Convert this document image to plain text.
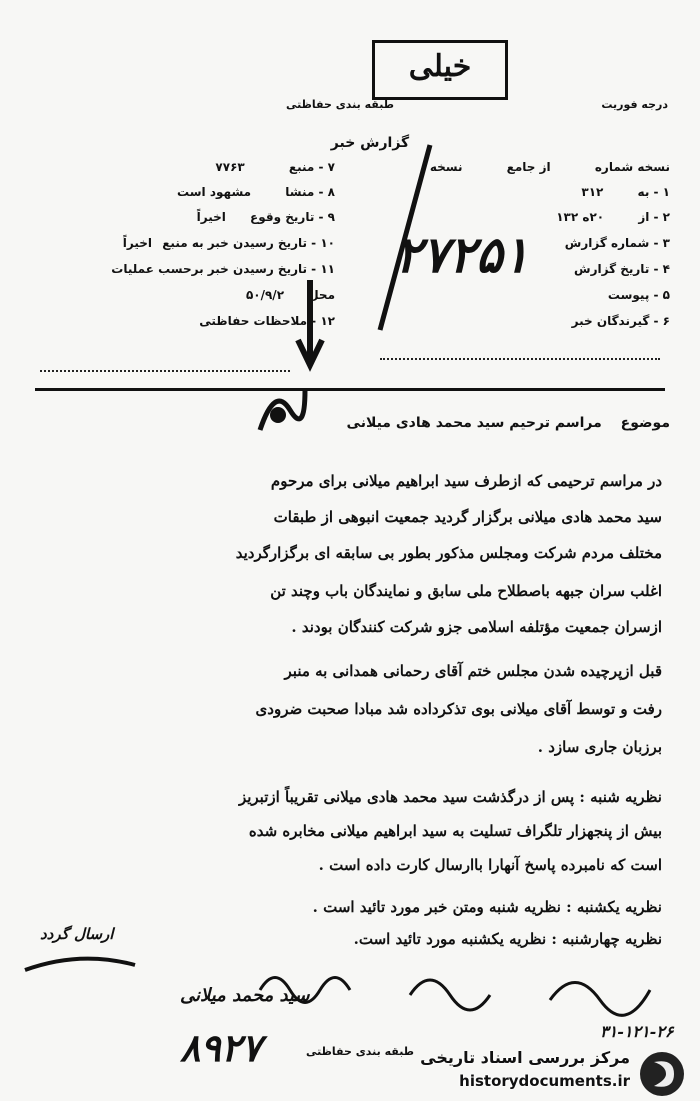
خیلی
طبقه بندی حفاظتی	درجه فوریت
گزارش خبر
نسخه شماره از جامع نسخه
۱ - به ۳۱۲
۲ - از ۲۰ه ۱۳۲
۳ - شماره گزارش
۴ - تاریخ گزارش
۵ - پیوست
۶ - گیرندگان خبر
۷ - منبع ۷۷۶۳
۸ - منشا مشهود است
۹ - تاریخ وقوع اخیراً
۱۰ - تاریخ رسیدن خبر به منبع اخیراً
۱۱ - تاریخ رسیدن خبر برحسب عملیات
محل ۵۰/۹/۲
۱۲ - ملاحظات حفاظتی
۲۷۲۵۱
موضوع مراسم ترحیم سید محمد هادی میلانی
در مراسم ترحیمی که ازطرف سید ابراهیم میلانی برای مرحوم
سید محمد هادی میلانی برگزار گردید جمعیت انبوهی از طبقات
مختلف مردم شرکت ومجلس مذکور بطور بی سابقه ای برگزارگردید
اغلب سران جبهه باصطلاح ملی سابق و نمایندگان باب وچند تن
ازسران جمعیت مؤتلفه اسلامی جزو شرکت کنندگان بودند .
قبل ازپرچیده شدن مجلس ختم آقای رحمانی همدانی به منبر
رفت و توسط آقای میلانی بوی تذکرداده شد مبادا صحبت ضرودی
برزبان جاری سازد .
نظریه شنبه : پس از درگذشت سید محمد هادی میلانی تقریباً ازتبریز
بیش از پنجهزار تلگراف تسلیت به سید ابراهیم میلانی مخابره شده
است که نامبرده پاسخ آنهارا باارسال کارت داده است .
نظریه یکشنبه : نظریه شنبه ومتن خبر مورد تائید است .
نظریه چهارشنبه : نظریه یکشنبه مورد تائید است.
ارسال گردد
سید محمد میلانی
۸۹۲۷	طبقه بندی حفاظتی
۳۱-۱۲۱-۲۶
مرکز بررسی اسناد تاریخی
historydocuments.ir
